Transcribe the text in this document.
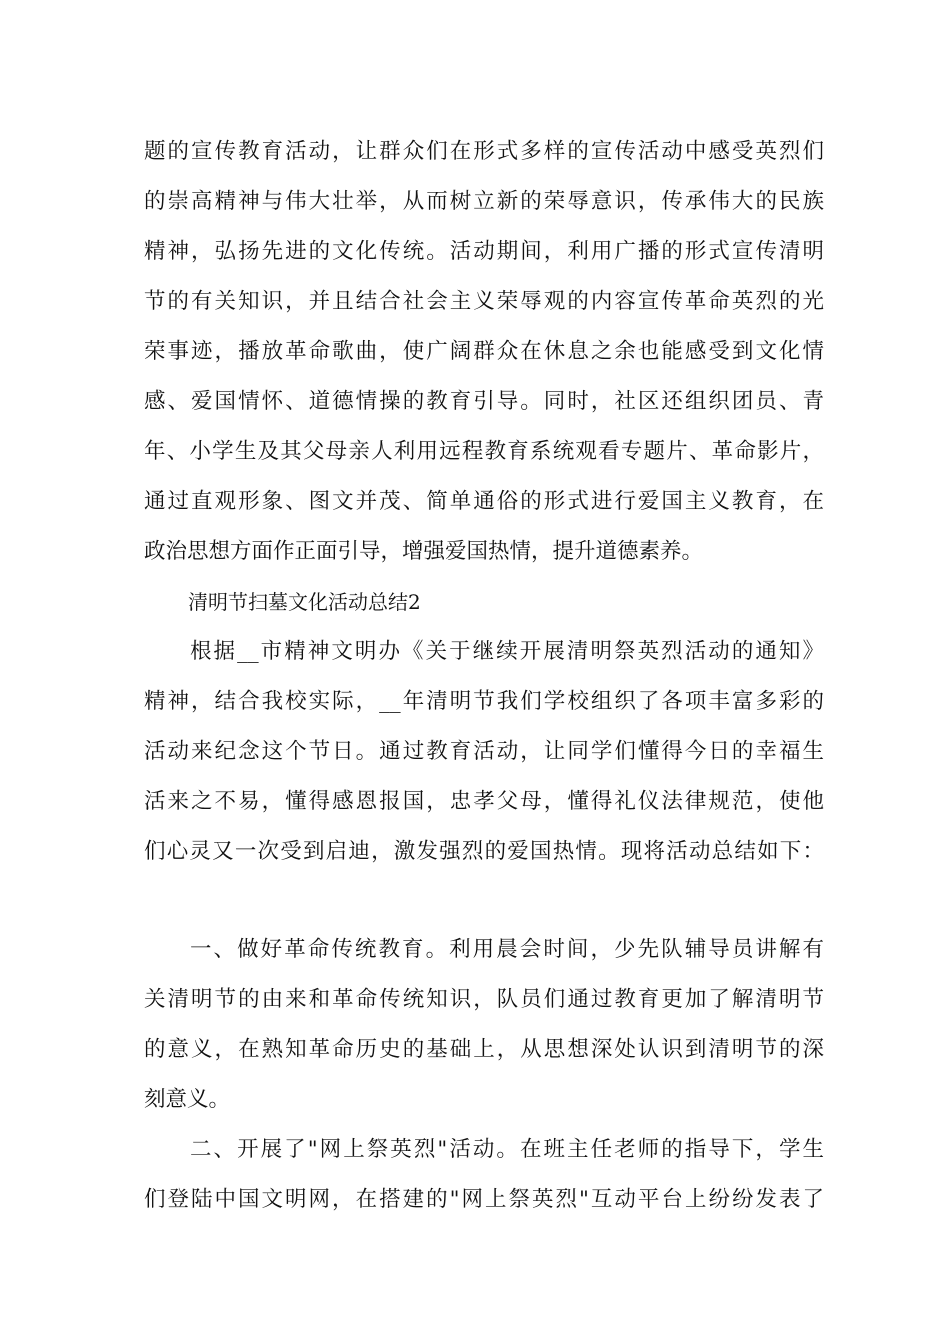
题的宣传教育活动，让群众们在形式多样的宣传活动中感受英烈们
的崇高精神与伟大壮举，从而树立新的荣辱意识，传承伟大的民族
精神，弘扬先进的文化传统。活动期间，利用广播的形式宣传清明
节的有关知识，并且结合社会主义荣辱观的内容宣传革命英烈的光
荣事迹，播放革命歌曲，使广阔群众在休息之余也能感受到文化情
感、爱国情怀、道德情操的教育引导。同时，社区还组织团员、青
年、小学生及其父母亲人利用远程教育系统观看专题片、革命影片，
通过直观形象、图文并茂、简单通俗的形式进行爱国主义教育，在
政治思想方面作正面引导，增强爱国热情，提升道德素养。
清明节扫墓文化活动总结2
根据__市精神文明办《关于继续开展清明祭英烈活动的通知》
精神，结合我校实际，__年清明节我们学校组织了各项丰富多彩的
活动来纪念这个节日。通过教育活动，让同学们懂得今日的幸福生
活来之不易，懂得感恩报国，忠孝父母，懂得礼仪法律规范，使他
们心灵又一次受到启迪，激发强烈的爱国热情。现将活动总结如下：
一、做好革命传统教育。利用晨会时间，少先队辅导员讲解有
关清明节的由来和革命传统知识，队员们通过教育更加了解清明节
的意义，在熟知革命历史的基础上，从思想深处认识到清明节的深
刻意义。
二、开展了"网上祭英烈"活动。在班主任老师的指导下，学生
们登陆中国文明网，在搭建的"网上祭英烈"互动平台上纷纷发表了
